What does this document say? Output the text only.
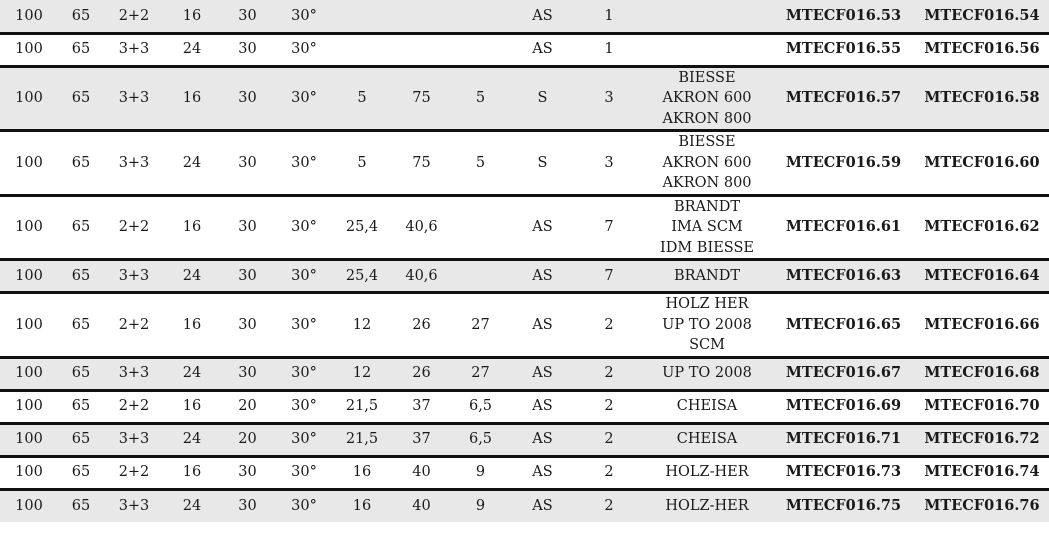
100	65	2+2	16	30	30°				AS	1		MTECF016.53	MTECF016.54
100	65	3+3	24	30	30°				AS	1		MTECF016.55	MTECF016.56
100	65	3+3	16	30	30°	5	75	5	S	3	BIESSE
AKRON 600
AKRON 800	MTECF016.57	MTECF016.58
100	65	3+3	24	30	30°	5	75	5	S	3	BIESSE
AKRON 600
AKRON 800	MTECF016.59	MTECF016.60
100	65	2+2	16	30	30°	25,4	40,6		AS	7	BRANDT
IMA SCM
IDM BIESSE	MTECF016.61	MTECF016.62
100	65	3+3	24	30	30°	25,4	40,6		AS	7	BRANDT	MTECF016.63	MTECF016.64
100	65	2+2	16	30	30°	12	26	27	AS	2	HOLZ HER
UP TO 2008
SCM	MTECF016.65	MTECF016.66
100	65	3+3	24	30	30°	12	26	27	AS	2	UP TO 2008	MTECF016.67	MTECF016.68
100	65	2+2	16	20	30°	21,5	37	6,5	AS	2	CHEISA	MTECF016.69	MTECF016.70
100	65	3+3	24	20	30°	21,5	37	6,5	AS	2	CHEISA	MTECF016.71	MTECF016.72
100	65	2+2	16	30	30°	16	40	9	AS	2	HOLZ-HER	MTECF016.73	MTECF016.74
100	65	3+3	24	30	30°	16	40	9	AS	2	HOLZ-HER	MTECF016.75	MTECF016.76
